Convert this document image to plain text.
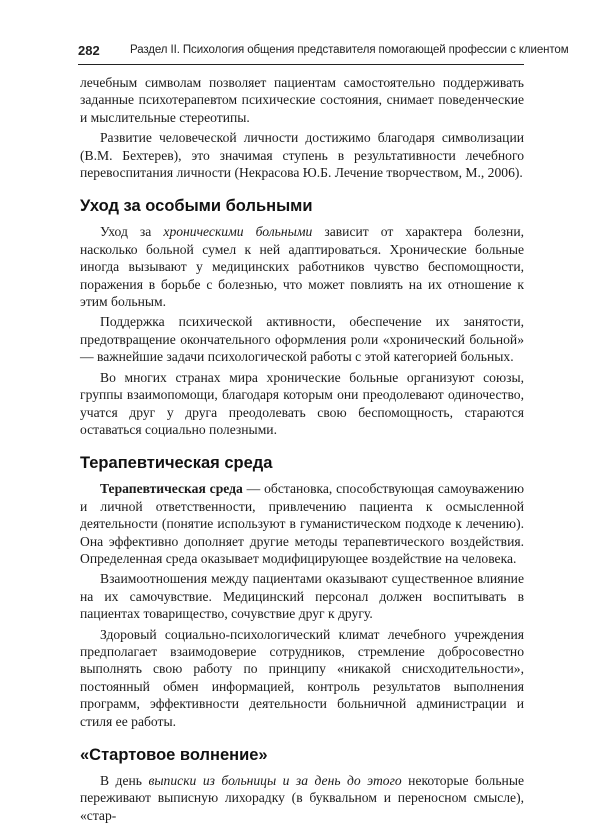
282	Раздел II. Психология общения представителя помогающей профессии с клиентом

лечебным символам позволяет пациентам самостоятельно поддерживать заданные психотерапевтом психические состояния, снимает поведенческие и мыслительные стереотипы.

Развитие человеческой личности достижимо благодаря символизации (В.М. Бехтерев), это значимая ступень в результативности лечебного перевоспитания личности (Некрасова Ю.Б. Лечение творчеством, М., 2006).

Уход за особыми больными

Уход за хроническими больными зависит от характера болезни, насколько больной сумел к ней адаптироваться. Хронические больные иногда вызывают у медицинских работников чувство беспомощности, поражения в борьбе с болезнью, что может повлиять на их отношение к этим больным.

Поддержка психической активности, обеспечение их занятости, предотвращение окончательного оформления роли «хронический больной» — важнейшие задачи психологической работы с этой категорией больных.

Во многих странах мира хронические больные организуют союзы, группы взаимопомощи, благодаря которым они преодолевают одиночество, учатся друг у друга преодолевать свою беспомощность, стараются оставаться социально полезными.

Терапевтическая среда

Терапевтическая среда — обстановка, способствующая самоуважению и личной ответственности, привлечению пациента к осмысленной деятельности (понятие используют в гуманистическом подходе к лечению). Она эффективно дополняет другие методы терапевтического воздействия. Определенная среда оказывает модифицирующее воздействие на человека.

Взаимоотношения между пациентами оказывают существенное влияние на их самочувствие. Медицинский персонал должен воспитывать в пациентах товарищество, сочувствие друг к другу.

Здоровый социально-психологический климат лечебного учреждения предполагает взаимодоверие сотрудников, стремление добросовестно выполнять свою работу по принципу «никакой снисходительности», постоянный обмен информацией, контроль результатов выполнения программ, эффективности деятельности больничной администрации и стиля ее работы.

«Стартовое волнение»

В день выписки из больницы и за день до этого некоторые больные переживают выписную лихорадку (в буквальном и переносном смысле), «стар-
